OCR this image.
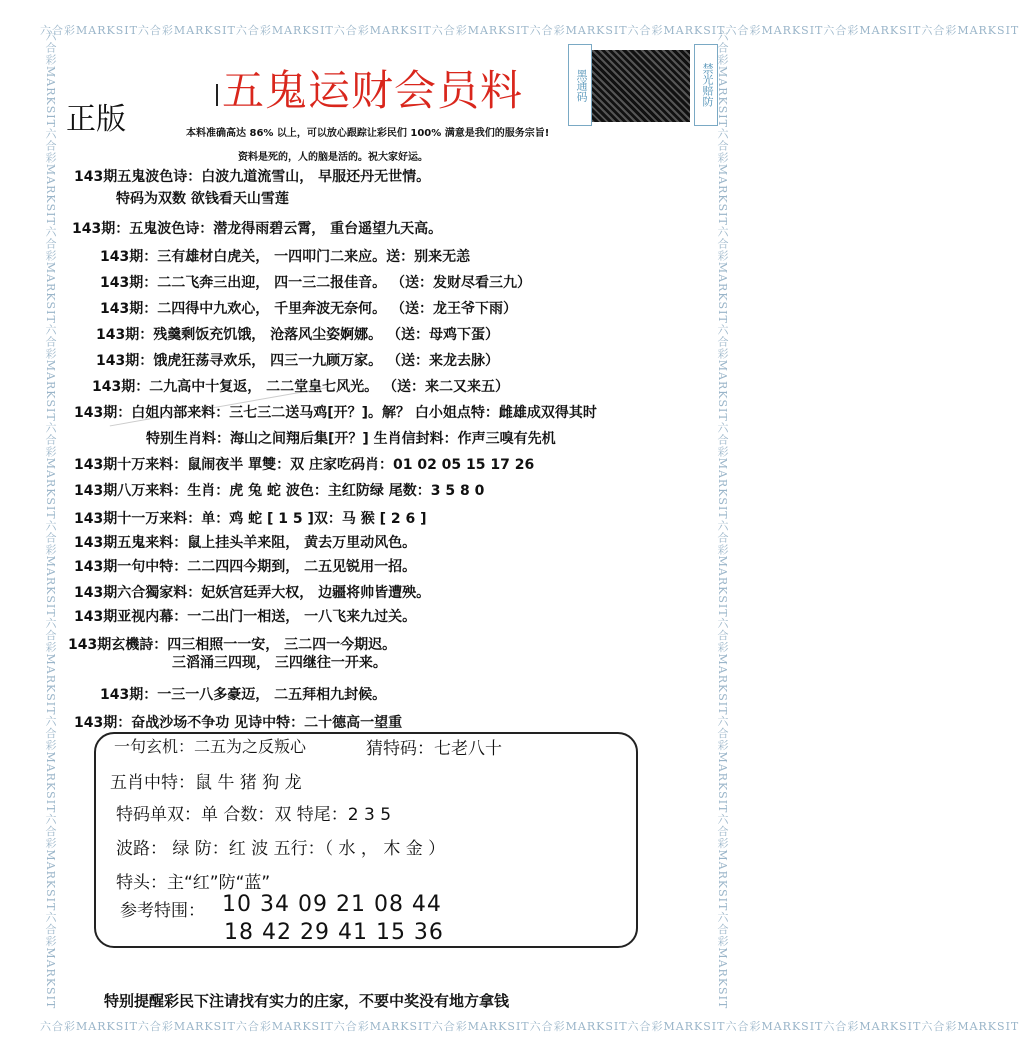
六合彩MARKSIT六合彩MARKSIT六合彩MARKSIT六合彩MARKSIT六合彩MARKSIT六合彩MARKSIT六合彩MARKSIT六合彩MARKSIT六合彩MARKSIT六合彩MARKSIT
六合彩MARKSIT六合彩MARKSIT六合彩MARKSIT六合彩MARKSIT六合彩MARKSIT六合彩MARKSIT六合彩MARKSIT六合彩MARKSIT六合彩MARKSIT六合彩MARKSIT
六合彩MARKSIT六合彩MARKSIT六合彩MARKSIT六合彩MARKSIT六合彩MARKSIT六合彩MARKSIT六合彩MARKSIT六合彩MARKSIT六合彩MARKSIT六合彩MARKSIT	六合彩MARKSIT六合彩MARKSIT六合彩MARKSIT六合彩MARKSIT六合彩MARKSIT六合彩MARKSIT六合彩MARKSIT六合彩MARKSIT六合彩MARKSIT六合彩MARKSIT
五鬼运财会员料
正版
黑通码	禁光赔防
本料准确高达 86% 以上，可以放心跟踪让彩民们 100% 满意是我们的服务宗旨!
资料是死的，人的脑是活的。祝大家好运。
143期五鬼波色诗：白波九道流雪山， 早服还丹无世情。
特码为双数 欲钱看天山雪莲
143期：五鬼波色诗：潜龙得雨碧云霄， 重台遥望九天高。
143期：三有雄材白虎关， 一四叩门二来应。送：别来无恙
143期：二二飞奔三出迎， 四一三二报佳音。 （送：发财尽看三九）
143期：二四得中九欢心， 千里奔波无奈何。 （送：龙王爷下雨）
143期：残羹剩饭充饥饿， 沧落风尘姿婀娜。 （送：母鸡下蛋）
143期：饿虎狂荡寻欢乐， 四三一九顾万家。 （送：来龙去脉）
143期：二九高中十复返， 二二堂皇七风光。 （送：来二又来五）
143期：白姐内部来料：三七三二送马鸡[开？]。解？ 白小姐点特：雌雄成双得其时
特别生肖料：海山之间翔后集[开？] 生肖信封料：作声三嗅有先机
143期十万来料：鼠闹夜半 單雙：双 庄家吃码肖：01 02 05 15 17 26
143期八万来料：生肖：虎 兔 蛇 波色：主红防绿 尾数：3 5 8 0
143期十一万来料：单：鸡 蛇 [ 1 5 ]双：马 猴 [ 2 6 ]
143期五鬼来料：鼠上挂头羊来阻， 黄去万里动风色。
143期一句中特：二二四四今期到， 二五见锐用一招。
143期六合獨家料：妃妖宫廷弄大权， 边疆将帅皆遭殃。
143期亚视内幕：一二出门一相送， 一八飞来九过关。
143期玄機詩：四三相照一一安， 三二四一今期迟。
三滔涌三四现， 三四继往一开来。
143期：一三一八多豪迈， 二五拜相九封候。
143期：奋战沙场不争功 见诗中特：二十德高一望重
一句玄机：二五为之反叛心	猜特码：七老八十
五肖中特：鼠 牛 猪 狗 龙
特码单双：单 合数：双 特尾：2 3 5
波路： 绿 防：红 波 五行：（ 水 ， 木 金 ）
特头：主“红”防“蓝”
参考特围： 10 34 09 21 08 44
18 42 29 41 15 36
特别提醒彩民下注请找有实力的庄家，不要中奖没有地方拿钱
